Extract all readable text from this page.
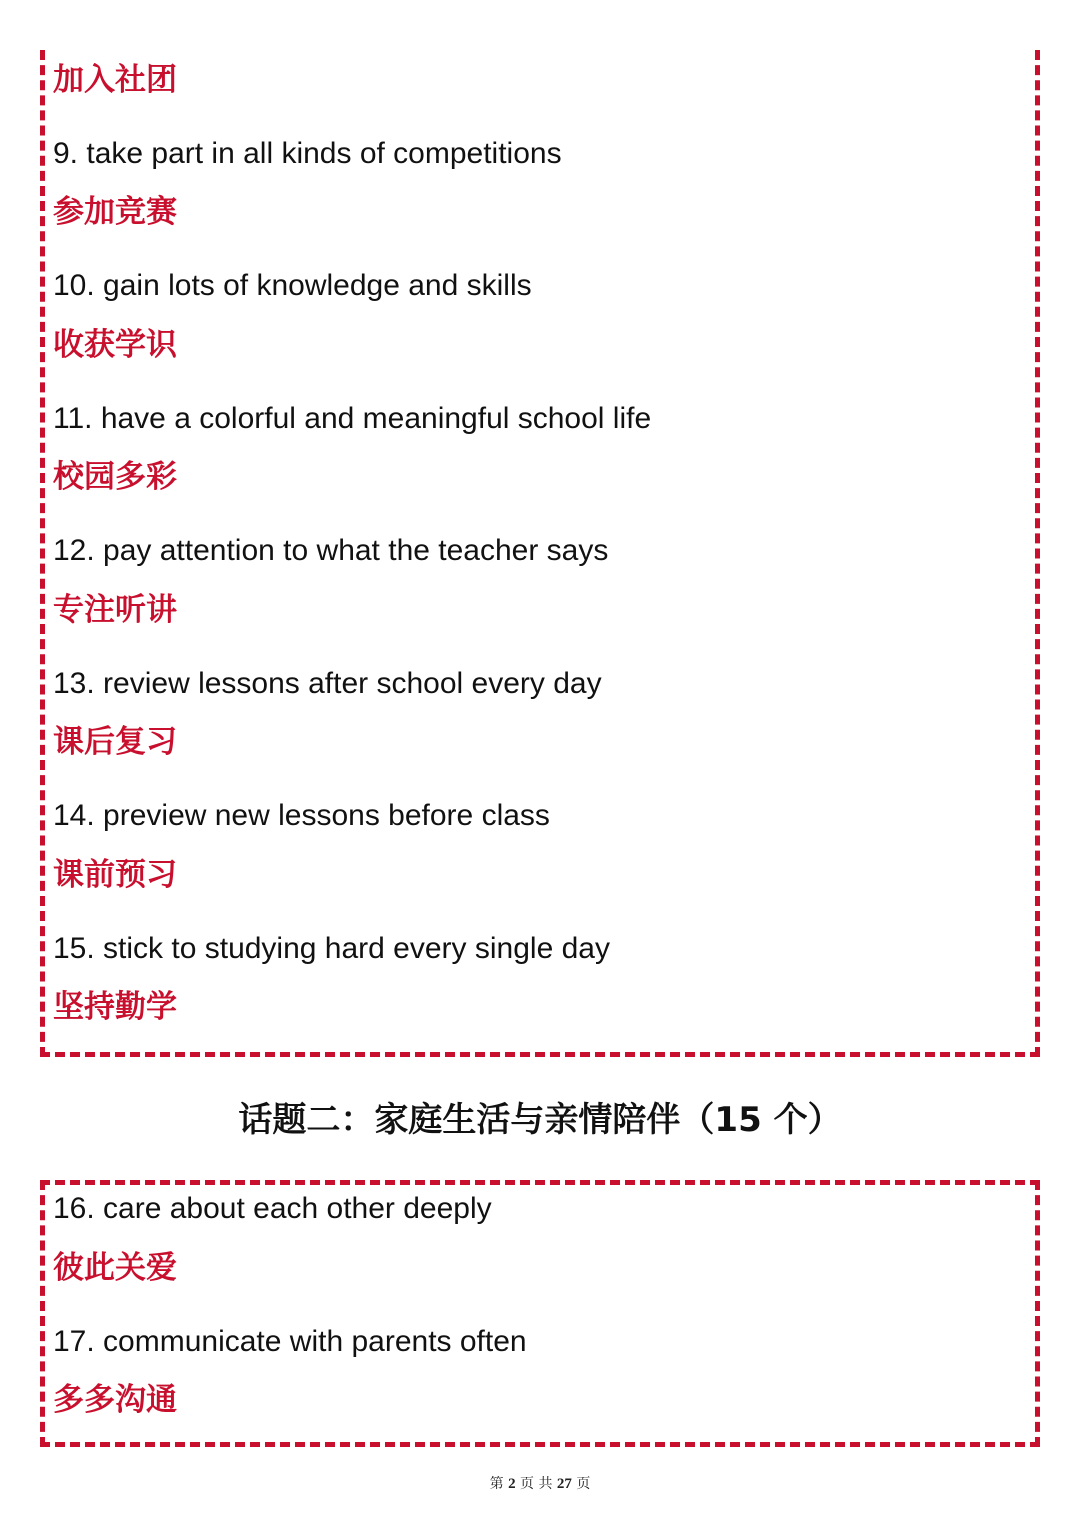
加入社团
9. take part in all kinds of competitions
参加竞赛
10. gain lots of knowledge and skills
收获学识
11. have a colorful and meaningful school life
校园多彩
12. pay attention to what the teacher says
专注听讲
13. review lessons after school every day
课后复习
14. preview new lessons before class
课前预习
15. stick to studying hard every single day
坚持勤学
话题二：家庭生活与亲情陪伴（15 个）
16. care about each other deeply
彼此关爱
17. communicate with parents often
多多沟通
第 2 页 共 27 页
